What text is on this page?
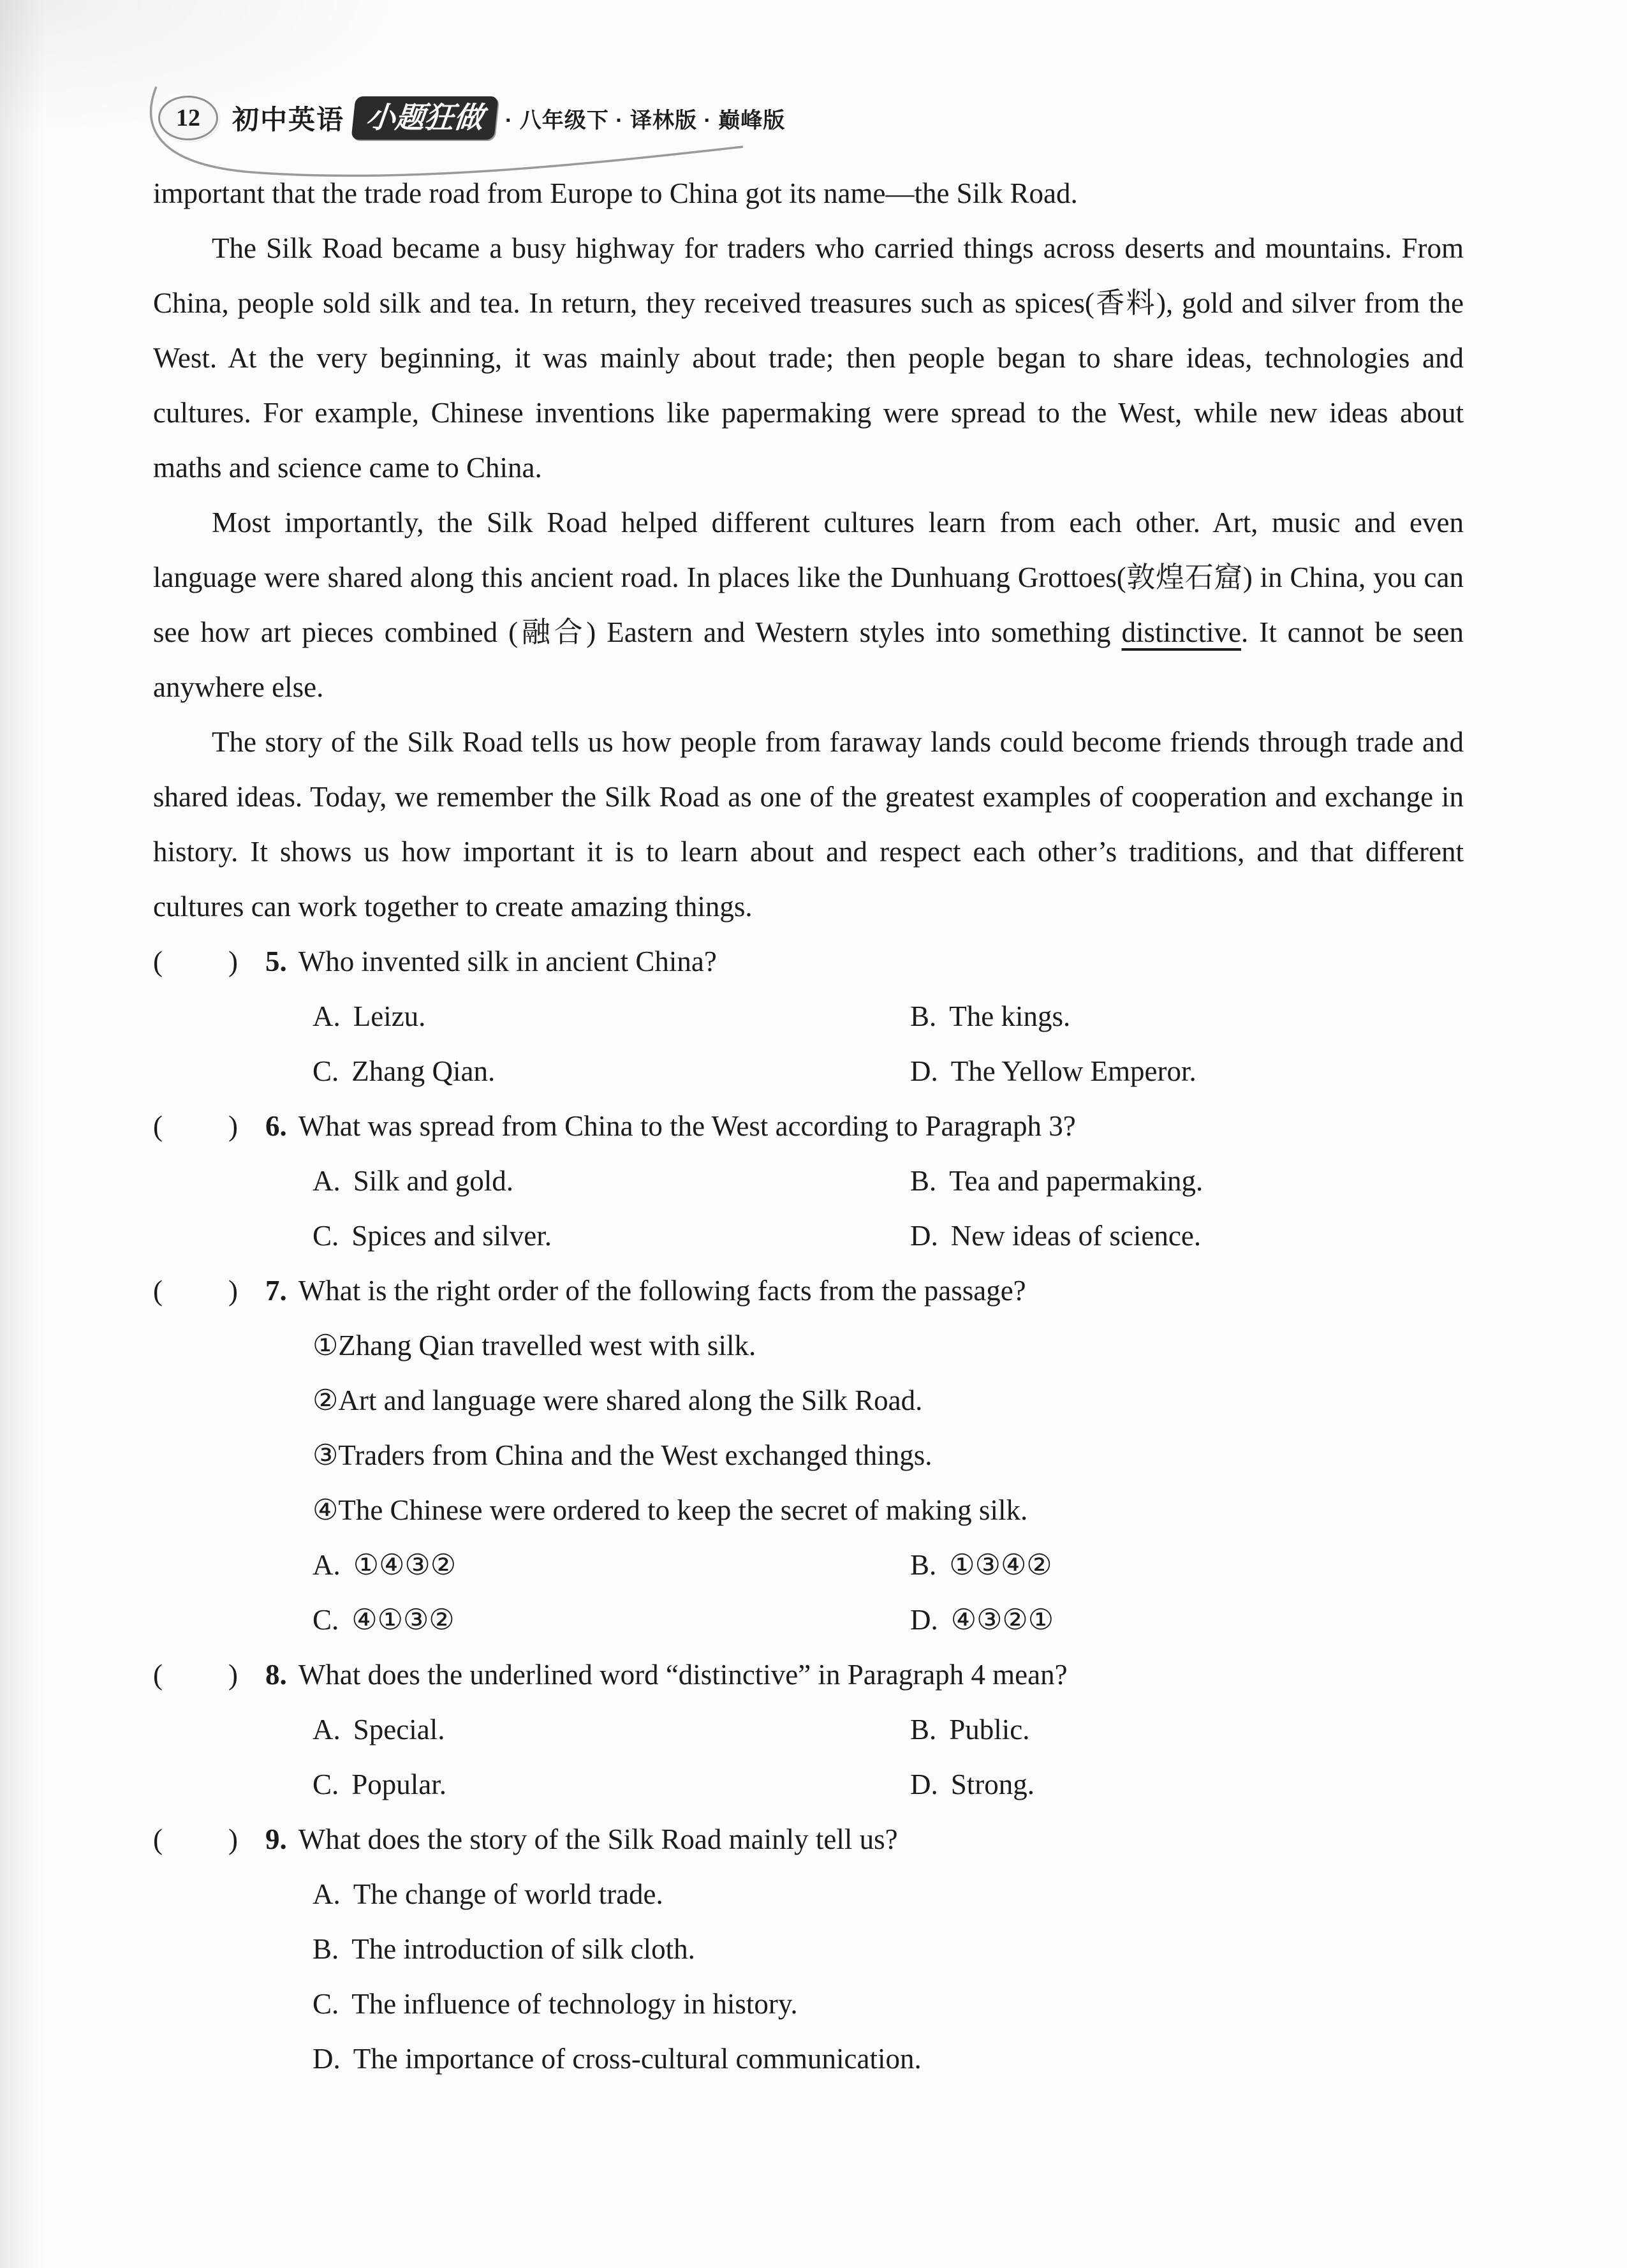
12 初中英语 小题狂做 · 八年级下 · 译林版 · 巅峰版

important that the trade road from Europe to China got its name—the Silk Road.

The Silk Road became a busy highway for traders who carried things across deserts and mountains. From China, people sold silk and tea. In return, they received treasures such as spices(香料), gold and silver from the West. At the very beginning, it was mainly about trade; then people began to share ideas, technologies and cultures. For example, Chinese inventions like papermaking were spread to the West, while new ideas about maths and science came to China.

Most importantly, the Silk Road helped different cultures learn from each other. Art, music and even language were shared along this ancient road. In places like the Dunhuang Grottoes(敦煌石窟) in China, you can see how art pieces combined (融合) Eastern and Western styles into something distinctive. It cannot be seen anywhere else.

The story of the Silk Road tells us how people from faraway lands could become friends through trade and shared ideas. Today, we remember the Silk Road as one of the greatest examples of cooperation and exchange in history. It shows us how important it is to learn about and respect each other’s traditions, and that different cultures can work together to create amazing things.

( ) 5. Who invented silk in ancient China?
A. Leizu.	B. The kings.
C. Zhang Qian.	D. The Yellow Emperor.
( ) 6. What was spread from China to the West according to Paragraph 3?
A. Silk and gold.	B. Tea and papermaking.
C. Spices and silver.	D. New ideas of science.
( ) 7. What is the right order of the following facts from the passage?
①Zhang Qian travelled west with silk.
②Art and language were shared along the Silk Road.
③Traders from China and the West exchanged things.
④The Chinese were ordered to keep the secret of making silk.
A. ①④③②	B. ①③④②
C. ④①③②	D. ④③②①
( ) 8. What does the underlined word “distinctive” in Paragraph 4 mean?
A. Special.	B. Public.
C. Popular.	D. Strong.
( ) 9. What does the story of the Silk Road mainly tell us?
A. The change of world trade.
B. The introduction of silk cloth.
C. The influence of technology in history.
D. The importance of cross-cultural communication.
